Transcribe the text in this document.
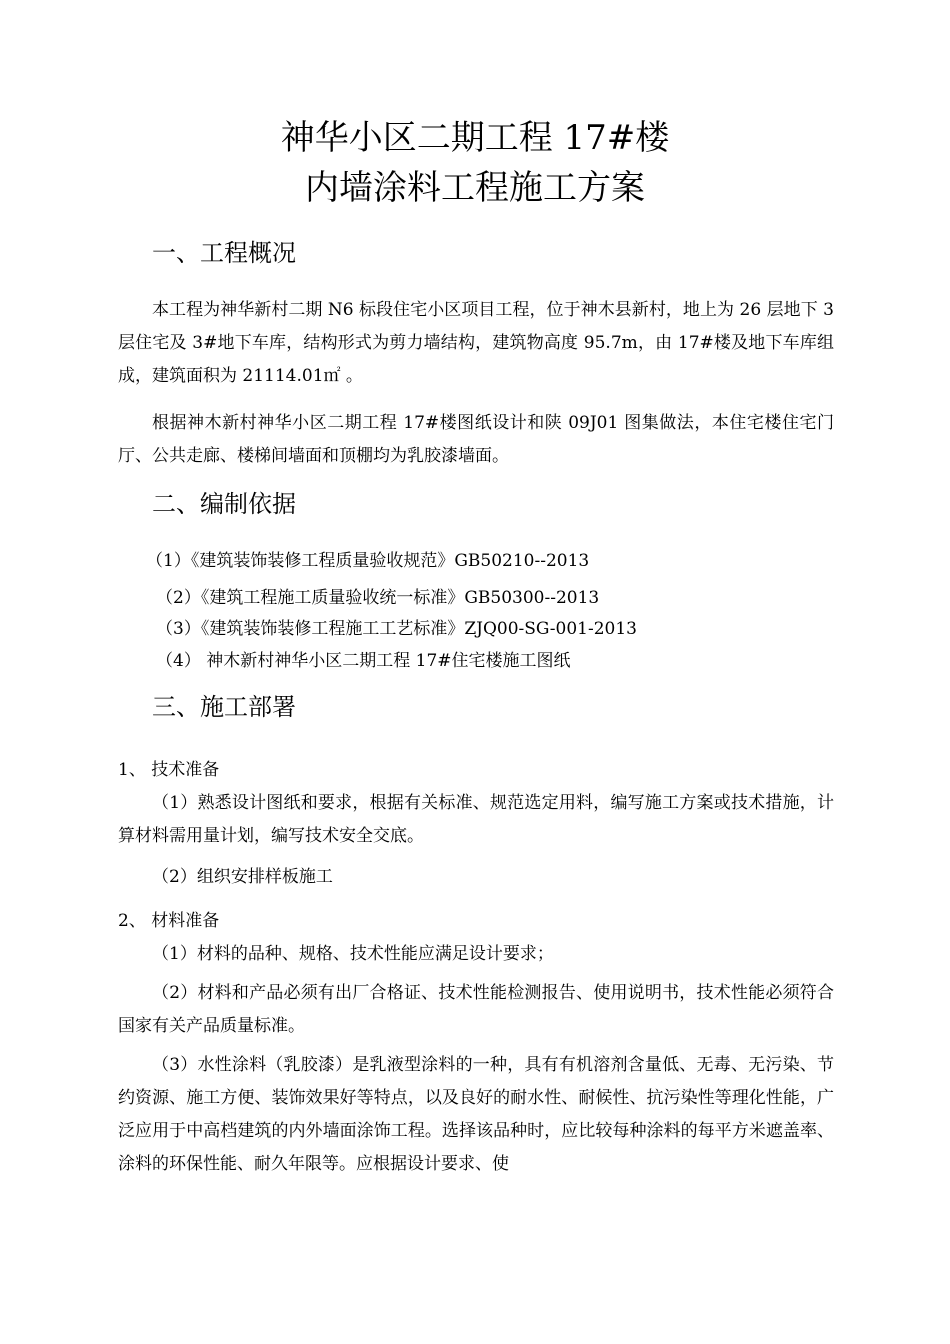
神华小区二期工程 17#楼
内墙涂料工程施工方案
一、工程概况
本工程为神华新村二期 N6 标段住宅小区项目工程，位于神木县新村，地上为 26 层地下 3 层住宅及 3#地下车库，结构形式为剪力墙结构，建筑物高度 95.7m，由 17#楼及地下车库组成，建筑面积为 21114.01㎡ 。
根据神木新村神华小区二期工程 17#楼图纸设计和陕 09J01 图集做法，本住宅楼住宅门厅、公共走廊、楼梯间墙面和顶棚均为乳胶漆墙面。
二、编制依据
（1）《建筑装饰装修工程质量验收规范》GB50210--2013
（2）《建筑工程施工质量验收统一标准》GB50300--2013
（3）《建筑装饰装修工程施工工艺标准》ZJQ00-SG-001-2013
（4） 神木新村神华小区二期工程 17#住宅楼施工图纸
三、施工部署
1、 技术准备
（1）熟悉设计图纸和要求，根据有关标准、规范选定用料，编写施工方案或技术措施，计算材料需用量计划，编写技术安全交底。
（2）组织安排样板施工
2、 材料准备
（1）材料的品种、规格、技术性能应满足设计要求；
（2）材料和产品必须有出厂合格证、技术性能检测报告、使用说明书，技术性能必须符合国家有关产品质量标准。
（3）水性涂料（乳胶漆）是乳液型涂料的一种，具有有机溶剂含量低、无毒、无污染、节约资源、施工方便、装饰效果好等特点，以及良好的耐水性、耐候性、抗污染性等理化性能，广泛应用于中高档建筑的内外墙面涂饰工程。选择该品种时，应比较每种涂料的每平方米遮盖率、涂料的环保性能、耐久年限等。应根据设计要求、使
